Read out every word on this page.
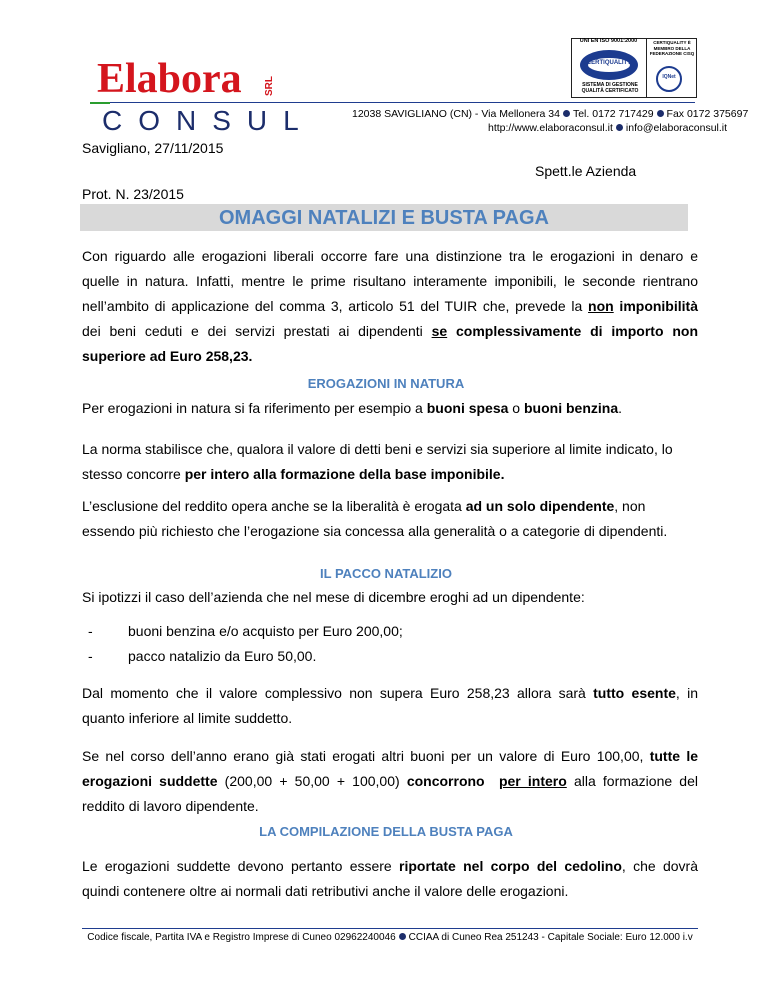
Elabora SRL
CONSUL	12038 SAVIGLIANO (CN) - Via Mellonera 34 Tel. 0172 717429 Fax 0172 375697
http://www.elaboraconsul.it info@elaboraconsul.it
UNI EN ISO 9001:2000
CERTIQUALITY
SISTEMA DI GESTIONE QUALITÀ CERTIFICATO
CERTIQUALITY È MEMBRO DELLA FEDERAZIONE CISQ
IQNet
Savigliano, 27/11/2015
Spett.le Azienda
Prot. N. 23/2015
OMAGGI NATALIZI E BUSTA PAGA
Con riguardo alle erogazioni liberali occorre fare una distinzione tra le erogazioni in denaro e
quelle in natura. Infatti, mentre le prime risultano interamente imponibili, le seconde rientrano
nell’ambito di applicazione del comma 3, articolo 51 del TUIR che, prevede la non imponibilità
dei beni ceduti e dei servizi prestati ai dipendenti se complessivamente di importo non
superiore ad Euro 258,23.
EROGAZIONI IN NATURA
Per erogazioni in natura si fa riferimento per esempio a buoni spesa o buoni benzina.
La norma stabilisce che, qualora il valore di detti beni e servizi sia superiore al limite indicato, lo
stesso concorre per intero alla formazione della base imponibile.
L’esclusione del reddito opera anche se la liberalità è erogata ad un solo dipendente, non
essendo più richiesto che l’erogazione sia concessa alla generalità o a categorie di dipendenti.
IL PACCO NATALIZIO
Si ipotizzi il caso dell’azienda che nel mese di dicembre eroghi ad un dipendente:
-	buoni benzina e/o acquisto per Euro 200,00;
-	pacco natalizio da Euro 50,00.
Dal momento che il valore complessivo non supera Euro 258,23 allora sarà tutto esente, in
quanto inferiore al limite suddetto.
Se nel corso dell’anno erano già stati erogati altri buoni per un valore di Euro 100,00, tutte le
erogazioni suddette (200,00 + 50,00 + 100,00) concorrono per intero alla formazione del
reddito di lavoro dipendente.
LA COMPILAZIONE DELLA BUSTA PAGA
Le erogazioni suddette devono pertanto essere riportate nel corpo del cedolino, che dovrà
quindi contenere oltre ai normali dati retributivi anche il valore delle erogazioni.
Codice fiscale, Partita IVA e Registro Imprese di Cuneo 02962240046 CCIAA di Cuneo Rea 251243 - Capitale Sociale: Euro 12.000 i.v
